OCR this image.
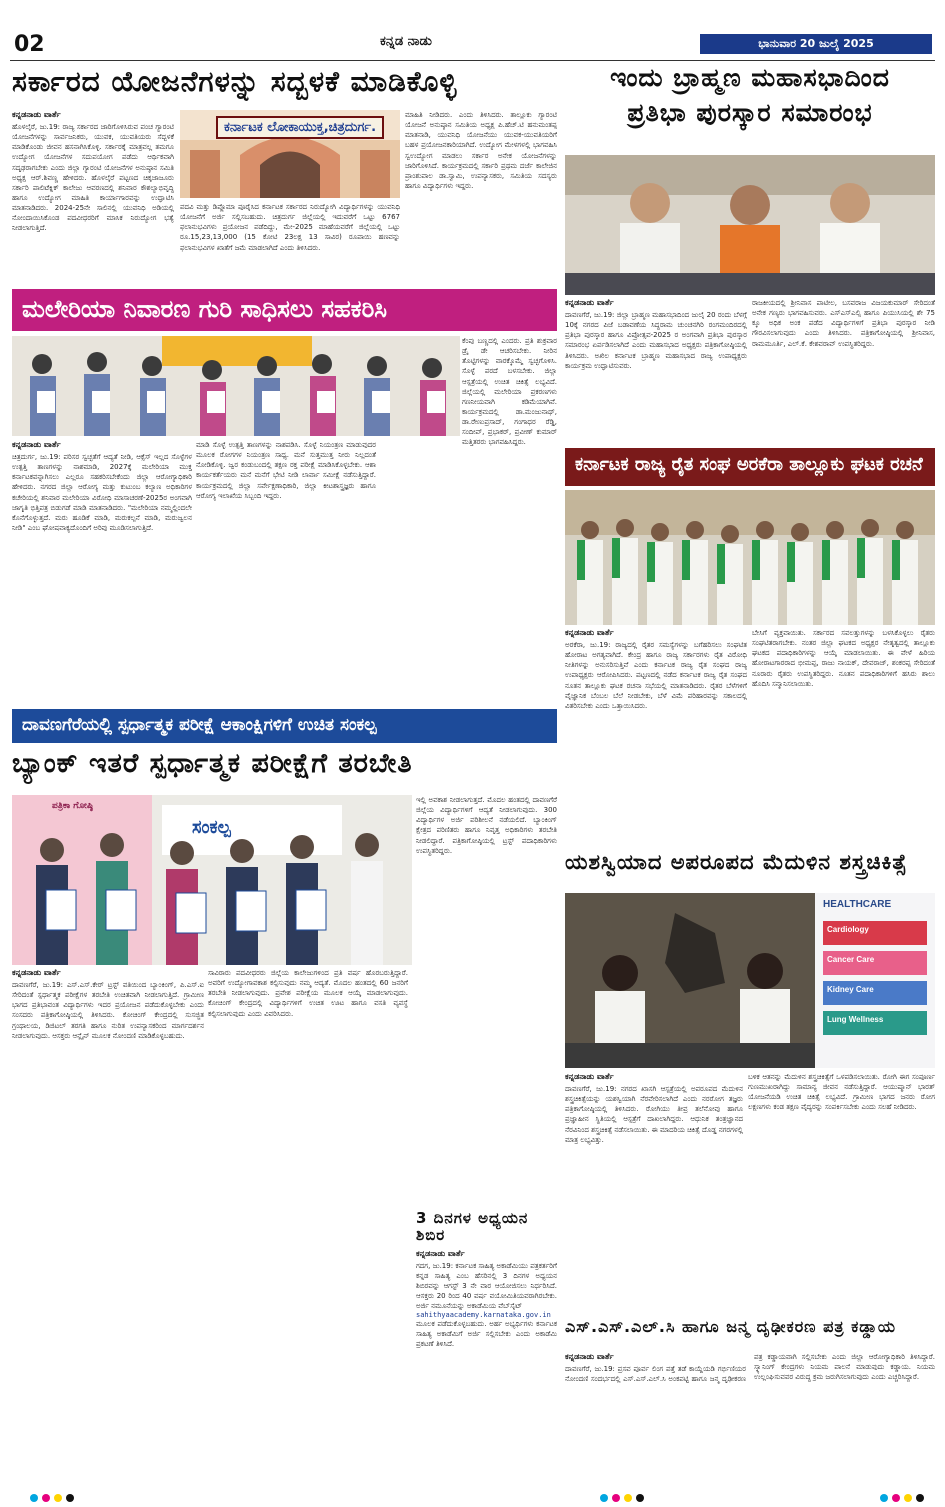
02	ಕನ್ನಡ ನಾಡು	ಭಾನುವಾರ 20 ಜುಲೈ 2025
ಸರ್ಕಾರದ ಯೋಜನೆಗಳನ್ನು ಸದ್ಬಳಕೆ ಮಾಡಿಕೊಳ್ಳಿ
ಕನ್ನಡನಾಡು ವಾರ್ತೆ
ಹೊಳಲ್ಕೆರೆ, ಜು.19: ರಾಜ್ಯ ಸರ್ಕಾರದ ಜಾರಿಗೊಳಿಸಿರುವ ಪಂಚ ಗ್ಯಾರಂಟಿ ಯೋಜನೆಗಳನ್ನು ಸಾರ್ವಜನಿಕರು, ಯುವಕ, ಯುವತಿಯರು ಸೆದ್ಬಳಕೆ ಮಾಡಿಕೊಂಡು ಜೀವನ ಹಸನಾಗಿಸಿಕೊಳ್ಳಿ. ಸರ್ಕಾರಕ್ಕೆ ಮಾತ್ರವಲ್ಲ ತಮಗೂ ಉದ್ಯೋಗ ಯೋಜನೆಗಳ ಸದುಪಯೋಗ ಪಡೆದು ಆರ್ಥಿಕವಾಗಿ ಸದೃಢರಾಗಬೇಕು ಎಂದು ಜಿಲ್ಲಾ ಗ್ಯಾರಂಟಿ ಯೋಜನೆಗಳ ಅನುಷ್ಠಾನ ಸಮಿತಿ ಅಧ್ಯಕ್ಷ ಆರ್.ಶಿವಣ್ಣ ಹೇಳಿದರು. ಹೊಳಲ್ಕೆರೆ ಪಟ್ಟಣದ ಚಿಕ್ಕಜಾಜೂರು ಸರ್ಕಾರಿ ಪಾಲಿಟೆಕ್ನಿಕ್ ಕಾಲೇಜು ಆವರಣದಲ್ಲಿ ಶನಿವಾರ ಕೌಶಲ್ಯಾಭಿವೃದ್ಧಿ ಹಾಗೂ ಉದ್ಯೋಗ ಮಾಹಿತಿ ಕಾರ್ಯಾಗಾರವನ್ನು ಉದ್ಘಾಟಿಸಿ ಮಾತನಾಡಿದರು. 2024-25ನೇ ಸಾಲಿನಲ್ಲಿ ಯುವನಿಧಿ ಅಡಿಯಲ್ಲಿ ನೋಂದಾಯಿಸಿಕೊಂಡ ಪದವೀಧರರಿಗೆ ಮಾಸಿಕ ನಿರುದ್ಯೋಗ ಭತ್ಯೆ ನೀಡಲಾಗುತ್ತಿದೆ.
ಕರ್ನಾಟಕ ಲೋಕಾಯುಕ್ತ,ಚಿತ್ರದುರ್ಗ.
ಪದವಿ ಮತ್ತು ಡಿಪ್ಲೊಮಾ ಪೂರೈಸಿದ ಕರ್ನಾಟಕ ಸರ್ಕಾರದ ನಿರುದ್ಯೋಗಿ ವಿದ್ಯಾರ್ಥಿಗಳನ್ನು ಯುವನಿಧಿ ಯೋಜನೆಗೆ ಅರ್ಜಿ ಸಲ್ಲಿಸಬಹುದು. ಚಿತ್ರದುರ್ಗ ಜಿಲ್ಲೆಯಲ್ಲಿ ಇದುವರೆಗೆ ಒಟ್ಟು 6767 ಫಲಾನುಭವಿಗಳು ಪ್ರಯೋಜನ ಪಡೆದಿದ್ದು, ಮೇ-2025 ಮಾಹೆಯವರೆಗೆ ಜಿಲ್ಲೆಯಲ್ಲಿ ಒಟ್ಟು ರೂ.15,23,13,000 (15 ಕೋಟಿ 23ಲಕ್ಷ 13 ಸಾವಿರ) ರೂಪಾಯಿ ಹಣವನ್ನು ಫಲಾನುಭವಿಗಳ ಖಾತೆಗೆ ಜಮೆ ಮಾಡಲಾಗಿದೆ ಎಂದು ತಿಳಿಸಿದರು.
ಮಾಹಿತಿ ನೀಡಿದರು. ಎಂದು ತಿಳಿಸಿದರು. ತಾಲ್ಲೂಕು ಗ್ಯಾರಂಟಿ ಯೋಜನೆ ಅನುಷ್ಠಾನ ಸಮಿತಿಯ ಅಧ್ಯಕ್ಷ ಪಿ.ಹೆಚ್.ಟಿ ಹನುಮಂತಪ್ಪ ಮಾತನಾಡಿ, ಯುವನಿಧಿ ಯೋಜನೆಯು ಯುವಕ-ಯುವತಿಯರಿಗೆ ಬಹಳ ಪ್ರಯೋಜನಕಾರಿಯಾಗಿದೆ. ಉದ್ಯೋಗ ಮೇಳಗಳಲ್ಲಿ ಭಾಗವಹಿಸಿ ಸ್ವಉದ್ಯೋಗ ಮಾಡಲು ಸರ್ಕಾರ ಅನೇಕ ಯೋಜನೆಗಳನ್ನು ಜಾರಿಗೊಳಿಸಿದೆ. ಕಾರ್ಯಕ್ರಮದಲ್ಲಿ ಸರ್ಕಾರಿ ಪ್ರಥಮ ದರ್ಜೆ ಕಾಲೇಜಿನ ಪ್ರಾಂಶುಪಾಲ ಡಾ.ಸ್ವಾಮಿ, ಉಪನ್ಯಾಸಕರು, ಸಮಿತಿಯ ಸದಸ್ಯರು ಹಾಗೂ ವಿದ್ಯಾರ್ಥಿಗಳು ಇದ್ದರು.
ಇಂದು ಬ್ರಾಹ್ಮಣ ಮಹಾಸಭಾದಿಂದ
ಪ್ರತಿಭಾ ಪುರಸ್ಕಾರ ಸಮಾರಂಭ
ಕನ್ನಡನಾಡು ವಾರ್ತೆ
ದಾವಣಗೆರೆ, ಜು.19: ಜಿಲ್ಲಾ ಬ್ರಾಹ್ಮಣ ಮಹಾಸಭಾದಿಂದ ಜುಲೈ 20 ರಂದು ಬೆಳಗ್ಗೆ 10ಕ್ಕೆ ನಗರದ ಪಿಜೆ ಬಡಾವಣೆಯ ಸಿದ್ಧರಾಮ ಚುಂಚನಗಿರಿ ರಂಗಮಂದಿರದಲ್ಲಿ ಪ್ರತಿಭಾ ಪುರಸ್ಕಾರ ಹಾಗೂ ವಿಪ್ರೋತ್ಸವ-2025 ರ ಅಂಗವಾಗಿ ಪ್ರತಿಭಾ ಪುರಸ್ಕಾರ ಸಮಾರಂಭ ಏರ್ಪಡಿಸಲಾಗಿದೆ ಎಂದು ಮಹಾಸಭಾದ ಅಧ್ಯಕ್ಷರು ಪತ್ರಿಕಾಗೋಷ್ಠಿಯಲ್ಲಿ ತಿಳಿಸಿದರು. ಅಖಿಲ ಕರ್ನಾಟಕ ಬ್ರಾಹ್ಮಣ ಮಹಾಸಭಾದ ರಾಜ್ಯ ಉಪಾಧ್ಯಕ್ಷರು ಕಾರ್ಯಕ್ರಮ ಉದ್ಘಾಟಿಸುವರು.
ರಾಜಕೀಯದಲ್ಲಿ ಶ್ರೀನಿವಾಸ ಪಾಟೀಲ, ಬಸವರಾಜ ವಿಜಯಕುಮಾರ್ ಸೇರಿದಂತೆ ಅನೇಕ ಗಣ್ಯರು ಭಾಗವಹಿಸುವರು. ಎಸ್ಎಸ್ಎಲ್ಸಿ ಹಾಗೂ ಪಿಯುಸಿಯಲ್ಲಿ ಶೇ 75 ಕ್ಕೂ ಅಧಿಕ ಅಂಕ ಪಡೆದ ವಿದ್ಯಾರ್ಥಿಗಳಿಗೆ ಪ್ರತಿಭಾ ಪುರಸ್ಕಾರ ನೀಡಿ ಗೌರವಿಸಲಾಗುವುದು ಎಂದು ತಿಳಿಸಿದರು. ಪತ್ರಿಕಾಗೋಷ್ಠಿಯಲ್ಲಿ ಶ್ರೀನಿವಾಸ, ರಾಮಮೂರ್ತಿ, ಎಲ್.ಕೆ. ಕೇಶವರಾವ್ ಉಪಸ್ಥಿತರಿದ್ದರು.
ಮಲೇರಿಯಾ ನಿವಾರಣ ಗುರಿ ಸಾಧಿಸಲು ಸಹಕರಿಸಿ
ಕನ್ನಡನಾಡು ವಾರ್ತೆ
ಚಿತ್ರದುರ್ಗ, ಜು.19: ಪರಿಸರ ಸ್ವಚ್ಛತೆಗೆ ಆದ್ಯತೆ ನೀಡಿ, ಆಕ್ಸೆಸ್ ಇಲ್ಲದ ಸೊಳ್ಳೆಗಳ ಉತ್ಪತ್ತಿ ತಾಣಗಳನ್ನು ನಾಶಮಾಡಿ, 2027ಕ್ಕೆ ಮಲೇರಿಯಾ ಮುಕ್ತ ಕರ್ನಾಟಕವನ್ನಾಗಿಸಲು ಎಲ್ಲರೂ ಸಹಕರಿಸಬೇಕೆಂದು ಜಿಲ್ಲಾ ಆರೋಗ್ಯಾಧಿಕಾರಿ ಹೇಳಿದರು. ನಗರದ ಜಿಲ್ಲಾ ಆರೋಗ್ಯ ಮತ್ತು ಕುಟುಂಬ ಕಲ್ಯಾಣ ಅಧಿಕಾರಿಗಳ ಕಚೇರಿಯಲ್ಲಿ ಶನಿವಾರ ಮಲೇರಿಯಾ ವಿರೋಧಿ ಮಾಸಾಚರಣೆ-2025ರ ಅಂಗವಾಗಿ ಜಾಗೃತಿ ಭಿತ್ತಿಪತ್ರ ಬಿಡುಗಡೆ ಮಾಡಿ ಮಾತನಾಡಿದರು. "ಮಲೇರಿಯಾ ನಮ್ಮಲ್ಲಿಂದಲೇ ಕೊನೆಗೊಳ್ಳುತ್ತದೆ. ಮರು ಹೂಡಿಕೆ ಮಾಡಿ, ಮರುಕಲ್ಪನೆ ಮಾಡಿ, ಮರುಜ್ವಲನ ನೀಡಿ" ಎಂಬ ಘೋಷವಾಕ್ಯದೊಂದಿಗೆ ಅರಿವು ಮೂಡಿಸಲಾಗುತ್ತಿದೆ.
ಮಾಡಿ ಸೊಳ್ಳೆ ಉತ್ಪತ್ತಿ ತಾಣಗಳನ್ನು ನಾಶಪಡಿಸಿ. ಸೊಳ್ಳೆ ನಿಯಂತ್ರಣ ಮಾಡುವುದರ ಮೂಲಕ ರೋಗಗಳ ನಿಯಂತ್ರಣ ಸಾಧ್ಯ. ಮನೆ ಸುತ್ತಮುತ್ತ ನೀರು ನಿಲ್ಲದಂತೆ ನೋಡಿಕೊಳ್ಳಿ. ಜ್ವರ ಕಂಡುಬಂದಲ್ಲಿ ತಕ್ಷಣ ರಕ್ತ ಪರೀಕ್ಷೆ ಮಾಡಿಸಿಕೊಳ್ಳಬೇಕು. ಆಶಾ ಕಾರ್ಯಕರ್ತೆಯರು ಮನೆ ಮನೆಗೆ ಭೇಟಿ ನೀಡಿ ಲಾರ್ವಾ ಸಮೀಕ್ಷೆ ನಡೆಸುತ್ತಿದ್ದಾರೆ. ಕಾರ್ಯಕ್ರಮದಲ್ಲಿ ಜಿಲ್ಲಾ ಸರ್ವೇಕ್ಷಣಾಧಿಕಾರಿ, ಜಿಲ್ಲಾ ಕೀಟಶಾಸ್ತ್ರಜ್ಞರು ಹಾಗೂ ಆರೋಗ್ಯ ಇಲಾಖೆಯ ಸಿಬ್ಬಂದಿ ಇದ್ದರು.
ಕೆಂಪು ಬಣ್ಣದಲ್ಲಿ ಎಂದರು. ಪ್ರತಿ ಶುಕ್ರವಾರ ಡ್ರೈ ಡೇ ಆಚರಿಸಬೇಕು. ನೀರಿನ ತೊಟ್ಟಿಗಳನ್ನು ವಾರಕ್ಕೊಮ್ಮೆ ಸ್ವಚ್ಛಗೊಳಿಸಿ. ಸೊಳ್ಳೆ ಪರದೆ ಬಳಸಬೇಕು. ಜಿಲ್ಲಾ ಆಸ್ಪತ್ರೆಯಲ್ಲಿ ಉಚಿತ ಚಿಕಿತ್ಸೆ ಲಭ್ಯವಿದೆ. ಜಿಲ್ಲೆಯಲ್ಲಿ ಮಲೇರಿಯಾ ಪ್ರಕರಣಗಳು ಗಣನೀಯವಾಗಿ ಕಡಿಮೆಯಾಗಿವೆ. ಕಾರ್ಯಕ್ರಮದಲ್ಲಿ ಡಾ.ಮಂಜುನಾಥ್, ಡಾ.ರೇಣುಪ್ರಸಾದ್, ಗಂಗಾಧರ ರೆಡ್ಡಿ, ಸಂದೀಪ್, ಪ್ರಭಾಕರ್, ಪ್ರವೀಣ್ ಕುಮಾರ್ ಮತ್ತಿತರರು ಭಾಗವಹಿಸಿದ್ದರು.
ಕರ್ನಾಟಕ ರಾಜ್ಯ ರೈತ ಸಂಘ ಅರಕೆರಾ ತಾಲ್ಲೂಕು ಘಟಕ ರಚನೆ
ಕನ್ನಡನಾಡು ವಾರ್ತೆ
ಅರಕೆರಾ, ಜು.19: ರಾಜ್ಯದಲ್ಲಿ ರೈತರ ಸಮಸ್ಯೆಗಳನ್ನು ಬಗೆಹರಿಸಲು ಸಂಘಟಿತ ಹೋರಾಟ ಅಗತ್ಯವಾಗಿದೆ. ಕೇಂದ್ರ ಹಾಗೂ ರಾಜ್ಯ ಸರ್ಕಾರಗಳು ರೈತ ವಿರೋಧಿ ನೀತಿಗಳನ್ನು ಅನುಸರಿಸುತ್ತಿವೆ ಎಂದು ಕರ್ನಾಟಕ ರಾಜ್ಯ ರೈತ ಸಂಘದ ರಾಜ್ಯ ಉಪಾಧ್ಯಕ್ಷರು ಆರೋಪಿಸಿದರು. ಪಟ್ಟಣದಲ್ಲಿ ನಡೆದ ಕರ್ನಾಟಕ ರಾಜ್ಯ ರೈತ ಸಂಘದ ನೂತನ ತಾಲ್ಲೂಕು ಘಟಕ ರಚನಾ ಸಭೆಯಲ್ಲಿ ಮಾತನಾಡಿದರು. ರೈತರ ಬೆಳೆಗಳಿಗೆ ವೈಜ್ಞಾನಿಕ ಬೆಂಬಲ ಬೆಲೆ ನೀಡಬೇಕು, ಬೆಳೆ ವಿಮೆ ಪರಿಹಾರವನ್ನು ಸಕಾಲದಲ್ಲಿ ವಿತರಿಸಬೇಕು ಎಂದು ಒತ್ತಾಯಿಸಿದರು.
ಬೇಸಿಗೆ ವ್ಯಕ್ತವಾಯಿತು. ಸರ್ಕಾರದ ಸವಲತ್ತುಗಳನ್ನು ಬಳಸಿಕೊಳ್ಳಲು ರೈತರು ಸಂಘಟಿತರಾಗಬೇಕು. ನಂತರ ಜಿಲ್ಲಾ ಘಟಕದ ಅಧ್ಯಕ್ಷರ ನೇತೃತ್ವದಲ್ಲಿ ತಾಲ್ಲೂಕು ಘಟಕದ ಪದಾಧಿಕಾರಿಗಳನ್ನು ಆಯ್ಕೆ ಮಾಡಲಾಯಿತು. ಈ ವೇಳೆ ಹಿರಿಯ ಹೋರಾಟಗಾರರಾದ ಭೀಮಪ್ಪ, ರಾಜು ನಾಯಕ್, ದೇವರಾಜ್, ಶಂಕರಪ್ಪ ಸೇರಿದಂತೆ ನೂರಾರು ರೈತರು ಉಪಸ್ಥಿತರಿದ್ದರು. ನೂತನ ಪದಾಧಿಕಾರಿಗಳಿಗೆ ಹಸಿರು ಶಾಲು ಹೊದಿಸಿ ಸನ್ಮಾನಿಸಲಾಯಿತು.
ದಾವಣಗೆರೆಯಲ್ಲಿ ಸ್ಪರ್ಧಾತ್ಮಕ ಪರೀಕ್ಷೆ ಆಕಾಂಕ್ಷಿಗಳಿಗೆ ಉಚಿತ ಸಂಕಲ್ಪ
ಬ್ಯಾಂಕ್ ಇತರೆ ಸ್ಪರ್ಧಾತ್ಮಕ ಪರೀಕ್ಷೆಗೆ ತರಬೇತಿ
ಪತ್ರಿಕಾ ಗೋಷ್ಠಿ
ಸಂಕಲ್ಪ
ಕನ್ನಡನಾಡು ವಾರ್ತೆ
ದಾವಣಗೆರೆ, ಜು.19: ಎಸ್.ಎಸ್.ಕೇರ್ ಟ್ರಸ್ಟ್ ವತಿಯಿಂದ ಬ್ಯಾಂಕಿಂಗ್, ಪಿ.ಎಸ್.ಐ ಸೇರಿದಂತೆ ಸ್ಪರ್ಧಾತ್ಮಕ ಪರೀಕ್ಷೆಗಳ ತರಬೇತಿ ಉಚಿತವಾಗಿ ನೀಡಲಾಗುತ್ತಿದೆ. ಗ್ರಾಮೀಣ ಭಾಗದ ಪ್ರತಿಭಾವಂತ ವಿದ್ಯಾರ್ಥಿಗಳು ಇದರ ಪ್ರಯೋಜನ ಪಡೆದುಕೊಳ್ಳಬೇಕು ಎಂದು ಸಂಸದರು ಪತ್ರಿಕಾಗೋಷ್ಠಿಯಲ್ಲಿ ತಿಳಿಸಿದರು. ಕೋಚಿಂಗ್ ಕೇಂದ್ರದಲ್ಲಿ ಸುಸಜ್ಜಿತ ಗ್ರಂಥಾಲಯ, ಡಿಜಿಟಲ್ ತರಗತಿ ಹಾಗೂ ನುರಿತ ಉಪನ್ಯಾಸಕರಿಂದ ಮಾರ್ಗದರ್ಶನ ನೀಡಲಾಗುವುದು. ಆಸಕ್ತರು ಆನ್ಲೈನ್ ಮೂಲಕ ನೋಂದಣಿ ಮಾಡಿಕೊಳ್ಳಬಹುದು.
ಸಾವಿರಾರು ಪದವೀಧರರು ಜಿಲ್ಲೆಯ ಕಾಲೇಜುಗಳಿಂದ ಪ್ರತಿ ವರ್ಷ ಹೊರಬರುತ್ತಿದ್ದಾರೆ. ಅವರಿಗೆ ಉದ್ಯೋಗಾವಕಾಶ ಕಲ್ಪಿಸುವುದು ನಮ್ಮ ಆದ್ಯತೆ. ಮೊದಲ ಹಂತದಲ್ಲಿ 60 ಜನರಿಗೆ ತರಬೇತಿ ನೀಡಲಾಗುವುದು. ಪ್ರವೇಶ ಪರೀಕ್ಷೆಯ ಮೂಲಕ ಆಯ್ಕೆ ಮಾಡಲಾಗುವುದು. ಕೋಚಿಂಗ್ ಕೇಂದ್ರದಲ್ಲಿ ವಿದ್ಯಾರ್ಥಿಗಳಿಗೆ ಉಚಿತ ಊಟ ಹಾಗೂ ವಸತಿ ವ್ಯವಸ್ಥೆ ಕಲ್ಪಿಸಲಾಗುವುದು ಎಂದು ವಿವರಿಸಿದರು.
ಇಲ್ಲಿ ಅವಕಾಶ ನೀಡಲಾಗುತ್ತದೆ. ಮೊದಲ ಹಂತದಲ್ಲಿ ದಾವಣಗೆರೆ ಜಿಲ್ಲೆಯ ವಿದ್ಯಾರ್ಥಿಗಳಿಗೆ ಆದ್ಯತೆ ನೀಡಲಾಗುವುದು. 300 ವಿದ್ಯಾರ್ಥಿಗಳ ಅರ್ಜಿ ಪರಿಶೀಲನೆ ನಡೆಯಲಿದೆ. ಬ್ಯಾಂಕಿಂಗ್ ಕ್ಷೇತ್ರದ ಪರಿಣಿತರು ಹಾಗೂ ನಿವೃತ್ತ ಅಧಿಕಾರಿಗಳು ತರಬೇತಿ ನೀಡಲಿದ್ದಾರೆ. ಪತ್ರಿಕಾಗೋಷ್ಠಿಯಲ್ಲಿ ಟ್ರಸ್ಟ್ ಪದಾಧಿಕಾರಿಗಳು ಉಪಸ್ಥಿತರಿದ್ದರು.
3 ದಿನಗಳ ಅಧ್ಯಯನ ಶಿಬಿರ
ಕನ್ನಡನಾಡು ವಾರ್ತೆ
ಗದಗ, ಜು.19: ಕರ್ನಾಟಕ ಸಾಹಿತ್ಯ ಅಕಾಡೆಮಿಯು ಪತ್ರಕರ್ತರಿಗೆ ಕನ್ನಡ ಸಾಹಿತ್ಯ ಎಂಬ ಹೆಸರಿನಲ್ಲಿ 3 ದಿನಗಳ ಅಧ್ಯಯನ ಶಿಬಿರವನ್ನು ಆಗಸ್ಟ್ 3 ನೇ ವಾರ ಆಯೋಜಿಸಲು ನಿರ್ಧರಿಸಿದೆ. ಆಸಕ್ತರು 20 ರಿಂದ 40 ವರ್ಷ ವಯೋಮಿತಿಯವರಾಗಿರಬೇಕು. ಅರ್ಜಿ ನಮೂನೆಯನ್ನು ಅಕಾಡೆಮಿಯ ವೆಬ್‌ಸೈಟ್
sahithyaacademy.karnataka.gov.in
ಮೂಲಕ ಪಡೆದುಕೊಳ್ಳಬಹುದು. ಅರ್ಹ ಅಭ್ಯರ್ಥಿಗಳು ಕರ್ನಾಟಕ ಸಾಹಿತ್ಯ ಅಕಾಡೆಮಿಗೆ ಅರ್ಜಿ ಸಲ್ಲಿಸಬೇಕು ಎಂದು ಅಕಾಡೆಮಿ ಪ್ರಕಟಣೆ ತಿಳಿಸಿದೆ.
ಯಶಸ್ವಿಯಾದ ಅಪರೂಪದ ಮೆದುಳಿನ ಶಸ್ತ್ರಚಿಕಿತ್ಸೆ
HEALTHCARE
Cardiology
Cancer Care
Kidney Care
Lung Wellness
ಕನ್ನಡನಾಡು ವಾರ್ತೆ
ದಾವಣಗೆರೆ, ಜು.19: ನಗರದ ಖಾಸಗಿ ಆಸ್ಪತ್ರೆಯಲ್ಲಿ ಅಪರೂಪದ ಮೆದುಳಿನ ಶಸ್ತ್ರಚಿಕಿತ್ಸೆಯನ್ನು ಯಶಸ್ವಿಯಾಗಿ ನೆರವೇರಿಸಲಾಗಿದೆ ಎಂದು ನರರೋಗ ತಜ್ಞರು ಪತ್ರಿಕಾಗೋಷ್ಠಿಯಲ್ಲಿ ತಿಳಿಸಿದರು. ರೋಗಿಯು ತೀವ್ರ ತಲೆನೋವು ಹಾಗೂ ಪ್ರಜ್ಞಾಹೀನ ಸ್ಥಿತಿಯಲ್ಲಿ ಆಸ್ಪತ್ರೆಗೆ ದಾಖಲಾಗಿದ್ದರು. ಆಧುನಿಕ ತಂತ್ರಜ್ಞಾನದ ನೆರವಿನಿಂದ ಶಸ್ತ್ರಚಿಕಿತ್ಸೆ ನಡೆಸಲಾಯಿತು. ಈ ಮಾದರಿಯ ಚಿಕಿತ್ಸೆ ದೊಡ್ಡ ನಗರಗಳಲ್ಲಿ ಮಾತ್ರ ಲಭ್ಯವಿತ್ತು.
ಬಳಿಕ ಆತನನ್ನು ಮೆದುಳಿನ ಶಸ್ತ್ರಚಿಕಿತ್ಸೆಗೆ ಒಳಪಡಿಸಲಾಯಿತು. ರೋಗಿ ಈಗ ಸಂಪೂರ್ಣ ಗುಣಮುಖರಾಗಿದ್ದು ಸಾಮಾನ್ಯ ಜೀವನ ನಡೆಸುತ್ತಿದ್ದಾರೆ. ಆಯುಷ್ಮಾನ್ ಭಾರತ್ ಯೋಜನೆಯಡಿ ಉಚಿತ ಚಿಕಿತ್ಸೆ ಲಭ್ಯವಿದೆ. ಗ್ರಾಮೀಣ ಭಾಗದ ಜನರು ರೋಗ ಲಕ್ಷಣಗಳು ಕಂಡ ತಕ್ಷಣ ವೈದ್ಯರನ್ನು ಸಂಪರ್ಕಿಸಬೇಕು ಎಂದು ಸಲಹೆ ನೀಡಿದರು.
ಎಸ್.ಎಸ್.ಎಲ್.ಸಿ ಹಾಗೂ ಜನ್ಮ ದೃಢೀಕರಣ ಪತ್ರ ಕಡ್ಡಾಯ
ಕನ್ನಡನಾಡು ವಾರ್ತೆ
ದಾವಣಗೆರೆ, ಜು.19: ಪ್ರಸವ ಪೂರ್ವ ಲಿಂಗ ಪತ್ತೆ ತಡೆ ಕಾಯ್ದೆಯಡಿ ಗರ್ಭಿಣಿಯರ ನೋಂದಣಿ ಸಂದರ್ಭದಲ್ಲಿ ಎಸ್.ಎಸ್.ಎಲ್.ಸಿ ಅಂಕಪಟ್ಟಿ ಹಾಗೂ ಜನ್ಮ ದೃಢೀಕರಣ ಪತ್ರ ಕಡ್ಡಾಯವಾಗಿ ಸಲ್ಲಿಸಬೇಕು ಎಂದು ಜಿಲ್ಲಾ ಆರೋಗ್ಯಾಧಿಕಾರಿ ತಿಳಿಸಿದ್ದಾರೆ. ಸ್ಕ್ಯಾನಿಂಗ್ ಕೇಂದ್ರಗಳು ನಿಯಮ ಪಾಲನೆ ಮಾಡುವುದು ಕಡ್ಡಾಯ. ನಿಯಮ ಉಲ್ಲಂಘಿಸುವವರ ವಿರುದ್ಧ ಕ್ರಮ ಜರುಗಿಸಲಾಗುವುದು ಎಂದು ಎಚ್ಚರಿಸಿದ್ದಾರೆ.
